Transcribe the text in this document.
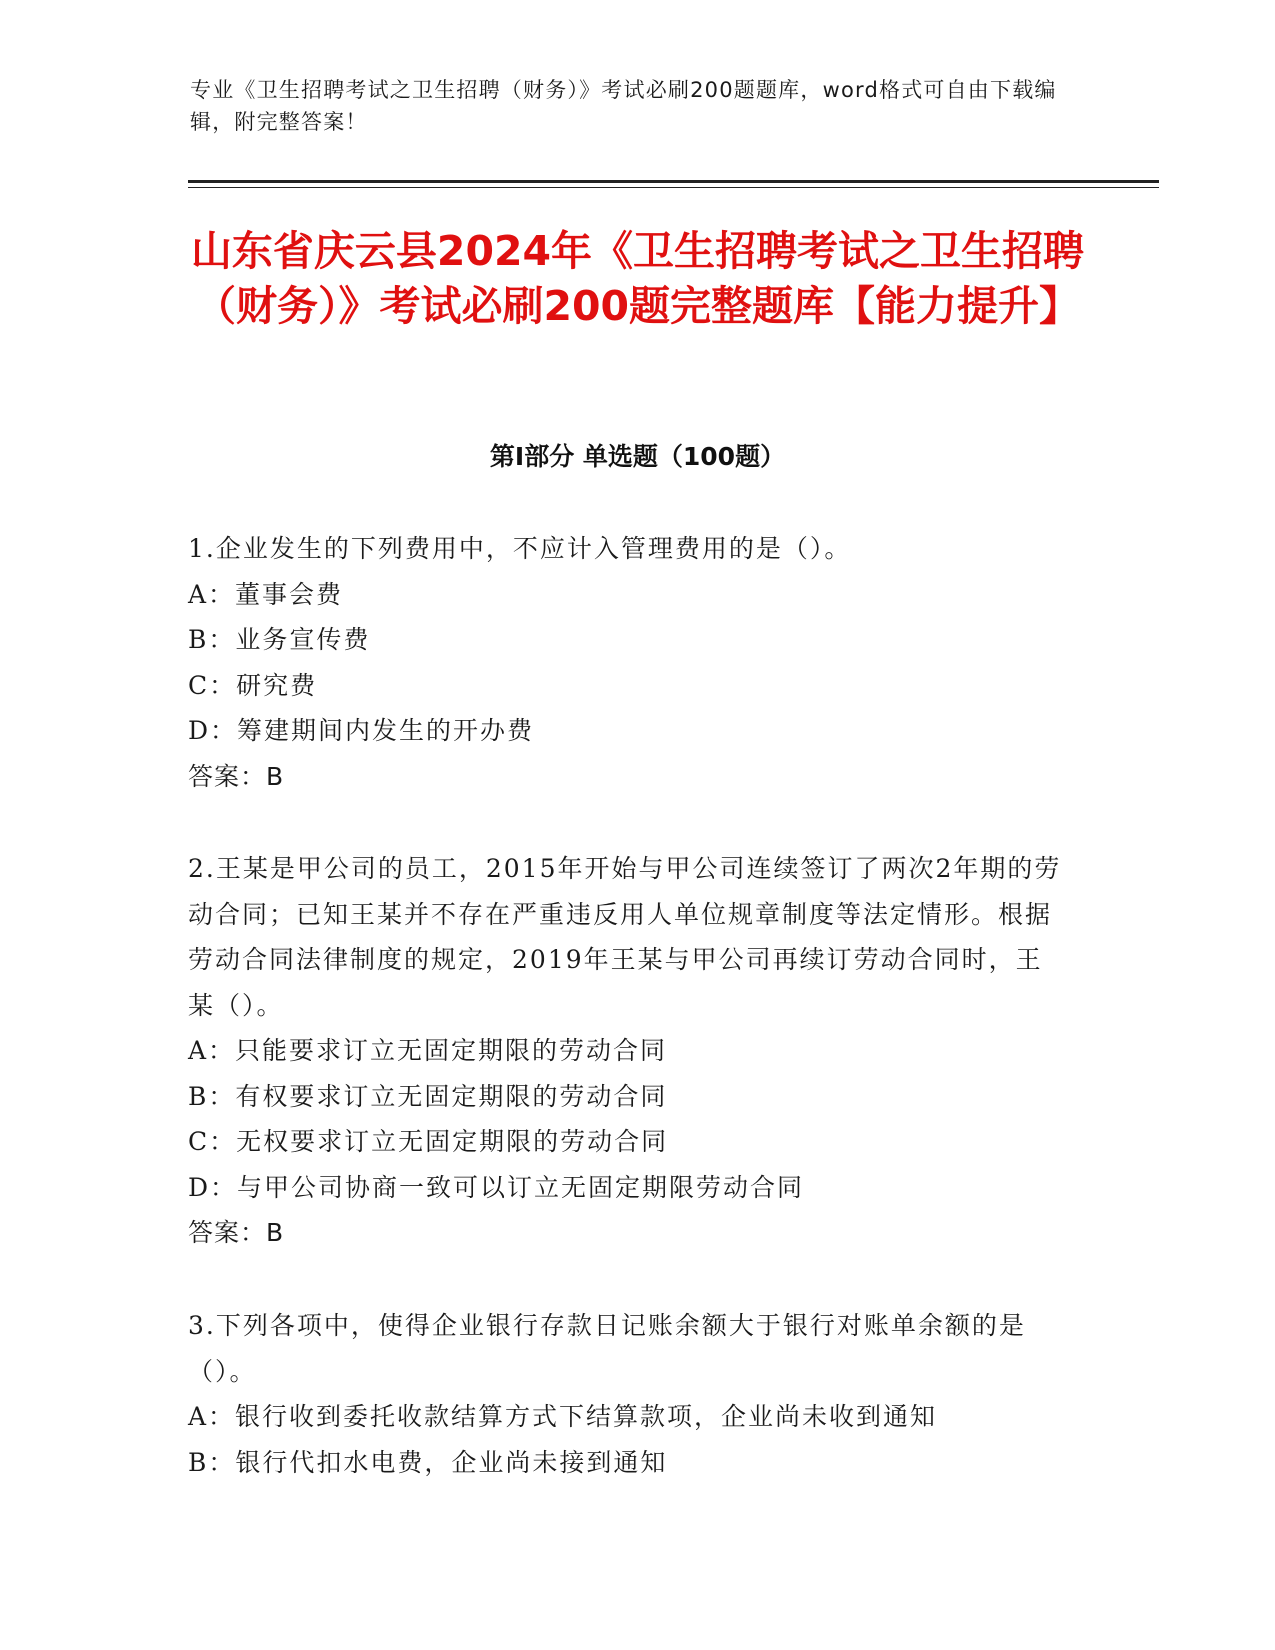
专业《卫生招聘考试之卫生招聘（财务）》考试必刷200题题库，word格式可自由下载编辑，附完整答案！
山东省庆云县2024年《卫生招聘考试之卫生招聘（财务）》考试必刷200题完整题库【能力提升】
第I部分 单选题（100题）

1.企业发生的下列费用中，不应计入管理费用的是（）。

A：董事会费

B：业务宣传费

C：研究费

D：筹建期间内发生的开办费

答案：B

2.王某是甲公司的员工，2015年开始与甲公司连续签订了两次2年期的劳动合同；已知王某并不存在严重违反用人单位规章制度等法定情形。根据劳动合同法律制度的规定，2019年王某与甲公司再续订劳动合同时，王某（）。

A：只能要求订立无固定期限的劳动合同

B：有权要求订立无固定期限的劳动合同

C：无权要求订立无固定期限的劳动合同

D：与甲公司协商一致可以订立无固定期限劳动合同

答案：B

3.下列各项中，使得企业银行存款日记账余额大于银行对账单余额的是（）。

A：银行收到委托收款结算方式下结算款项，企业尚未收到通知

B：银行代扣水电费，企业尚未接到通知
